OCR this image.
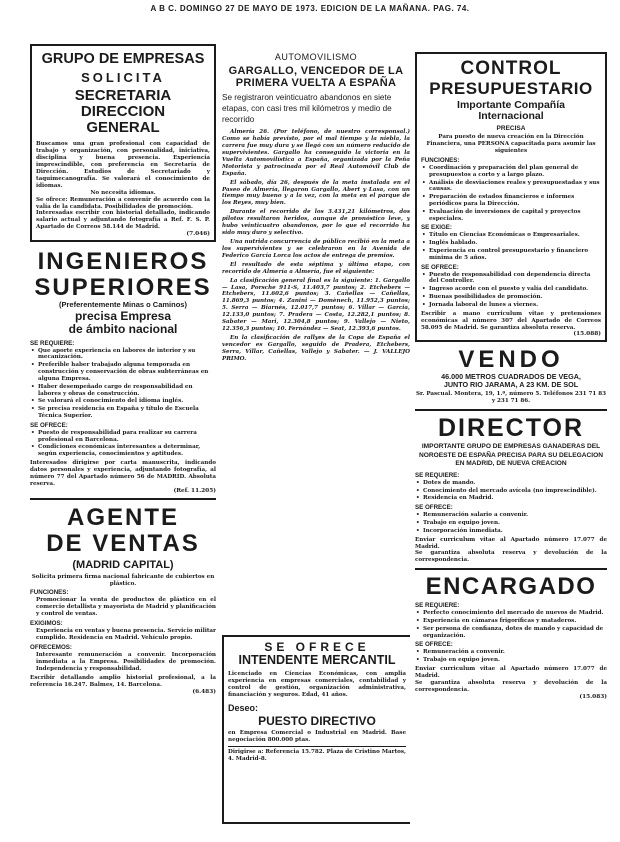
A B C. DOMINGO 27 DE MAYO DE 1973. EDICION DE LA MAÑANA. PAG. 74.
GRUPO DE EMPRESAS
SOLICITA
SECRETARIA DIRECCION
GENERAL

Buscamos una gran profesional con capacidad de trabajo y organización, con personalidad, iniciativa, disciplina y buena presencia. Experiencia imprescindible, con preferencia en Secretaría de Dirección. Estudios de Secretariado y taquimecanografía. Se valorará el conocimiento de idiomas.

No necesita idiomas.

Se ofrece: Remuneración a convenir de acuerdo con la valía de la candidata. Posibilidades de promoción.

Interesadas escribir con historial detallado, indicando salario actual y adjuntando fotografía a Ref. F. S. P. Apartado de Correos 58.144 de Madrid.

(7.046)
INGENIEROS
SUPERIORES
(Preferentemente Minas o Caminos)
precisa Empresa
de ámbito nacional
SE REQUIERE:
• Que aporte experiencia en labores de interior y su mecanización.
• Preferible haber trabajado alguna temporada en construcción y conservación de obras subterráneas en alguna Empresa.
• Haber desempeñado cargo de responsabilidad en labores y obras de construcción.
• Se valorará el conocimiento del idioma inglés.
• Se precisa residencia en España y título de Escuela Técnica Superior.
SE OFRECE:
• Puesto de responsabilidad para realizar su carrera profesional en Barcelona.
• Condiciones económicas interesantes a determinar, según experiencia, conocimientos y aptitudes.

Interesados dirigirse por carta manuscrita, indicando datos personales y experiencia, adjuntando fotografía, al número 77 del Apartado número 56 de MADRID. Absoluta reserva.

(Ref. 11.205)
AGENTE
DE VENTAS
(MADRID CAPITAL)

Solicita primera firma nacional fabricante de cubiertos en plástico.

FUNCIONES:

Promocionar la venta de productos de plástico en el comercio detallista y mayorista de Madrid y planificación y control de ventas.

EXIGIMOS:

Experiencia en ventas y buena presencia. Servicio militar cumplido. Residencia en Madrid. Vehículo propio.

OFRECEMOS:

Interesante remuneración a convenir. Incorporación inmediata a la Empresa. Posibilidades de promoción. Independencia y responsabilidad.

Escribir detallando amplio historial profesional, a la referencia 16.247. Balmes, 14. Barcelona.

(6.483)
AUTOMOVILISMO
GARGALLO, VENCEDOR DE LA
PRIMERA VUELTA A ESPAÑA

Se registraron veinticuatro abandonos en siete etapas, con casi tres mil kilómetros y medio de recorrido

Almería 26. (Por teléfono, de nuestro corresponsal.) Como se había previsto, por el mal tiempo y la niebla, la carrera fue muy dura y se llegó con un número reducido de supervivientes. Gargallo ha conseguido la victoria en la Vuelta Automovilística a España, organizada por la Peña Motorista y patrocinada por el Real Automóvil Club de España.

El sábado, día 26, después de la meta instalada en el Paseo de Almería, llegaron Gargallo, Abert y Lasa, con un tiempo muy bueno y a la vez, con la meta en el parque de los Reyes, muy bien.

Durante el recorrido de los 3.431,21 kilómetros, dos pilotos resultaron heridos, aunque de pronóstico leve, y hubo veinticuatro abandonos, por lo que el recorrido ha sido muy duro y selectivo.

Una nutrida concurrencia de público recibió en la meta a los supervivientes y se celebraron en la Avenida de Federico García Lorca los actos de entrega de premios.

El resultado de esta séptima y última etapa, con recorrido de Almería a Almería, fue el siguiente:

La clasificación general final es la siguiente: 1. Gargallo — Lasa, Porsche 911-S, 11.403,7 puntos; 2. Etchebers — Etchebers, 11.602,6 puntos; 3. Cañellas — Cañellas, 11.869,3 puntos; 4. Zanini — Domènech, 11.952,3 puntos; 5. Serra — Biarnés, 12.017,7 puntos; 6. Villar — Garcia, 12.133,0 puntos; 7. Pradera — Costa, 12.282,1 puntos; 8. Sabater — Mari, 12.304,8 puntos; 9. Vallejo — Nieto, 12.356,3 puntos; 10. Fernández — Seat, 12.393,6 puntos.

En la clasificación de rallyes de la Copa de España el vencedor es Gargallo, seguido de Pradera, Etchebers, Serra, Villar, Cañellas, Vallejo y Sabater. — J. VALLEJO PRIMO.

SE OFRECE
INTENDENTE MERCANTIL

Licenciado en Ciencias Económicas, con amplia experiencia en empresas comerciales, contabilidad y control de gestión, organización administrativa, financiación y seguros. Edad, 41 años.

Deseo:
PUESTO DIRECTIVO

en Empresa Comercial o Industrial en Madrid. Base negociación 800.000 ptas.

Dirigirse a: Referencia 15.782. Plaza de Cristino Martos, 4. Madrid-8.

CONTROL
PRESUPUESTARIO
Importante Compañía
Internacional
PRECISA

Para puesto de nueva creación en la Dirección Financiera, una PERSONA capacitada para asumir las siguientes

FUNCIONES:
• Coordinación y preparación del plan general de presupuestos a corto y a largo plazo.
• Análisis de desviaciones reales y presupuestadas y sus causas.
• Preparación de estados financieros e informes periódicos para la Dirección.
• Evaluación de inversiones de capital y proyectos especiales.
SE EXIGE:
• Título en Ciencias Económicas o Empresariales.
• Inglés hablado.
• Experiencia en control presupuestario y financiero mínima de 5 años.
SE OFRECE:
• Puesto de responsabilidad con dependencia directa del Controller.
• Ingreso acorde con el puesto y valía del candidato.
• Buenas posibilidades de promoción.
• Jornada laboral de lunes a viernes.

Escribir a mano curriculum vitae y pretensiones económicas al número 307 del Apartado de Correos 58.095 de Madrid. Se garantiza absoluta reserva.

(15.088)
VENDO
46.000 METROS CUADRADOS DE VEGA,
JUNTO RIO JARAMA, A 23 KM. DE SOL

Sr. Pascual. Montera, 19, 1.º, número 5. Teléfonos 231 71 83 y 231 71 86.

DIRECTOR

IMPORTANTE GRUPO DE EMPRESAS GANADERAS DEL NOROESTE DE ESPAÑA PRECISA PARA SU DELEGACION EN MADRID, DE NUEVA CREACION

SE REQUIERE:
• Dotes de mando.
• Conocimiento del mercado avícola (no imprescindible).
• Residencia en Madrid.
SE OFRECE:
• Remuneración salario a convenir.
• Trabajo en equipo joven.
• Incorporación inmediata.

Enviar curriculum vitae al Apartado número 17.077 de Madrid.

Se garantiza absoluta reserva y devolución de la correspondencia.

ENCARGADO
SE REQUIERE:
• Perfecto conocimiento del mercado de nuevos de Madrid.
• Experiencia en cámaras frigoríficas y mataderos.
• Ser persona de confianza, dotes de mando y capacidad de organización.
SE OFRECE:
• Remuneración a convenir.
• Trabajo en equipo joven.

Enviar curriculum vitae al Apartado número 17.077 de Madrid.

Se garantiza absoluta reserva y devolución de la correspondencia.

(15.083)
